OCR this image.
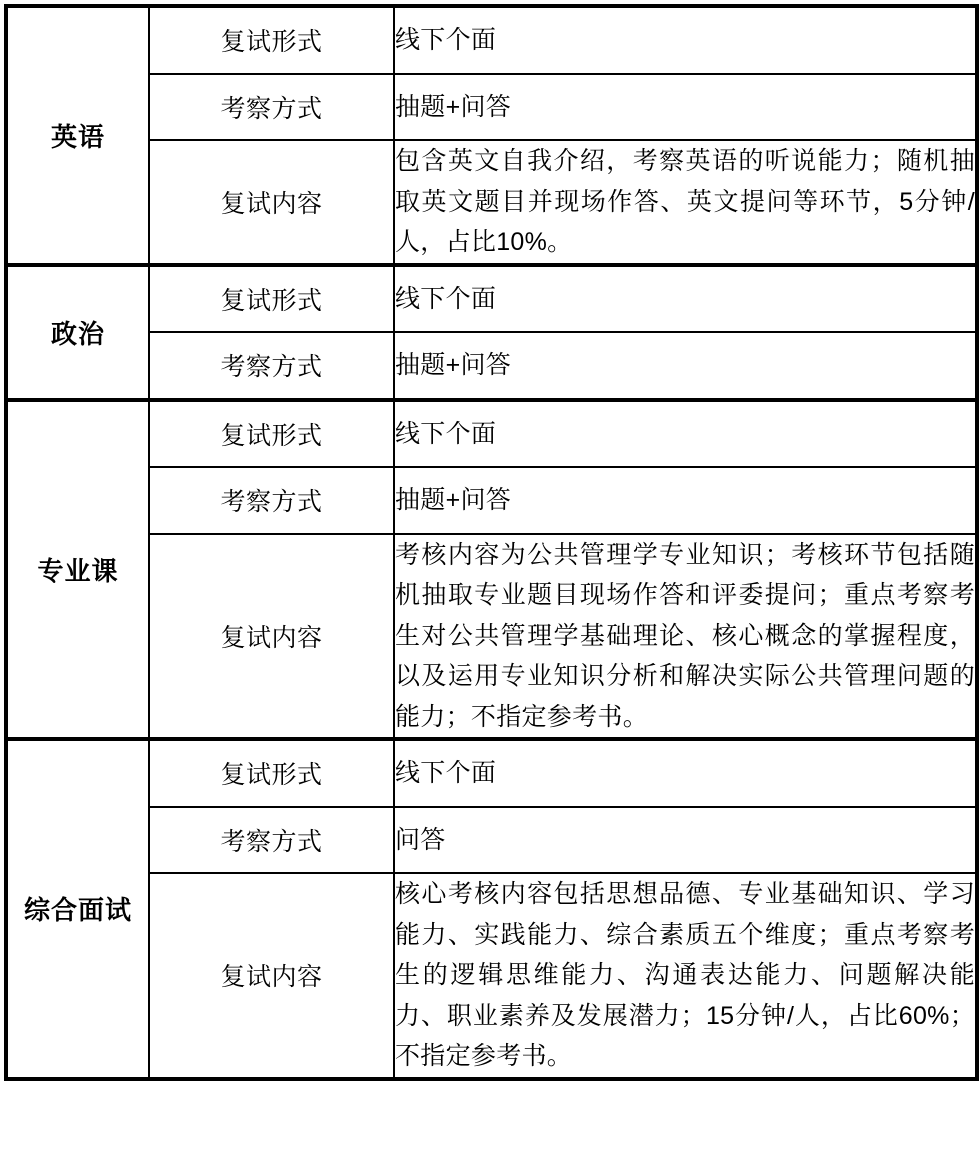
英语	复试形式	线下个面
	考察方式	抽题+问答
	复试内容	包含英文自我介绍，考察英语的听说能力；随机抽取英文题目并现场作答、英文提问等环节，5分钟/人，占比10%。

政治	复试形式	线下个面
	考察方式	抽题+问答
专业课	复试形式	线下个面
	考察方式	抽题+问答
	复试内容	考核内容为公共管理学专业知识；考核环节包括随机抽取专业题目现场作答和评委提问；重点考察考生对公共管理学基础理论、核心概念的掌握程度，以及运用专业知识分析和解决实际公共管理问题的能力；不指定参考书。

综合面试	复试形式	线下个面
	考察方式	问答
	复试内容	核心考核内容包括思想品德、专业基础知识、学习能力、实践能力、综合素质五个维度；重点考察考生的逻辑思维能力、沟通表达能力、问题解决能力、职业素养及发展潜力；15分钟/人，占比60%；不指定参考书。
